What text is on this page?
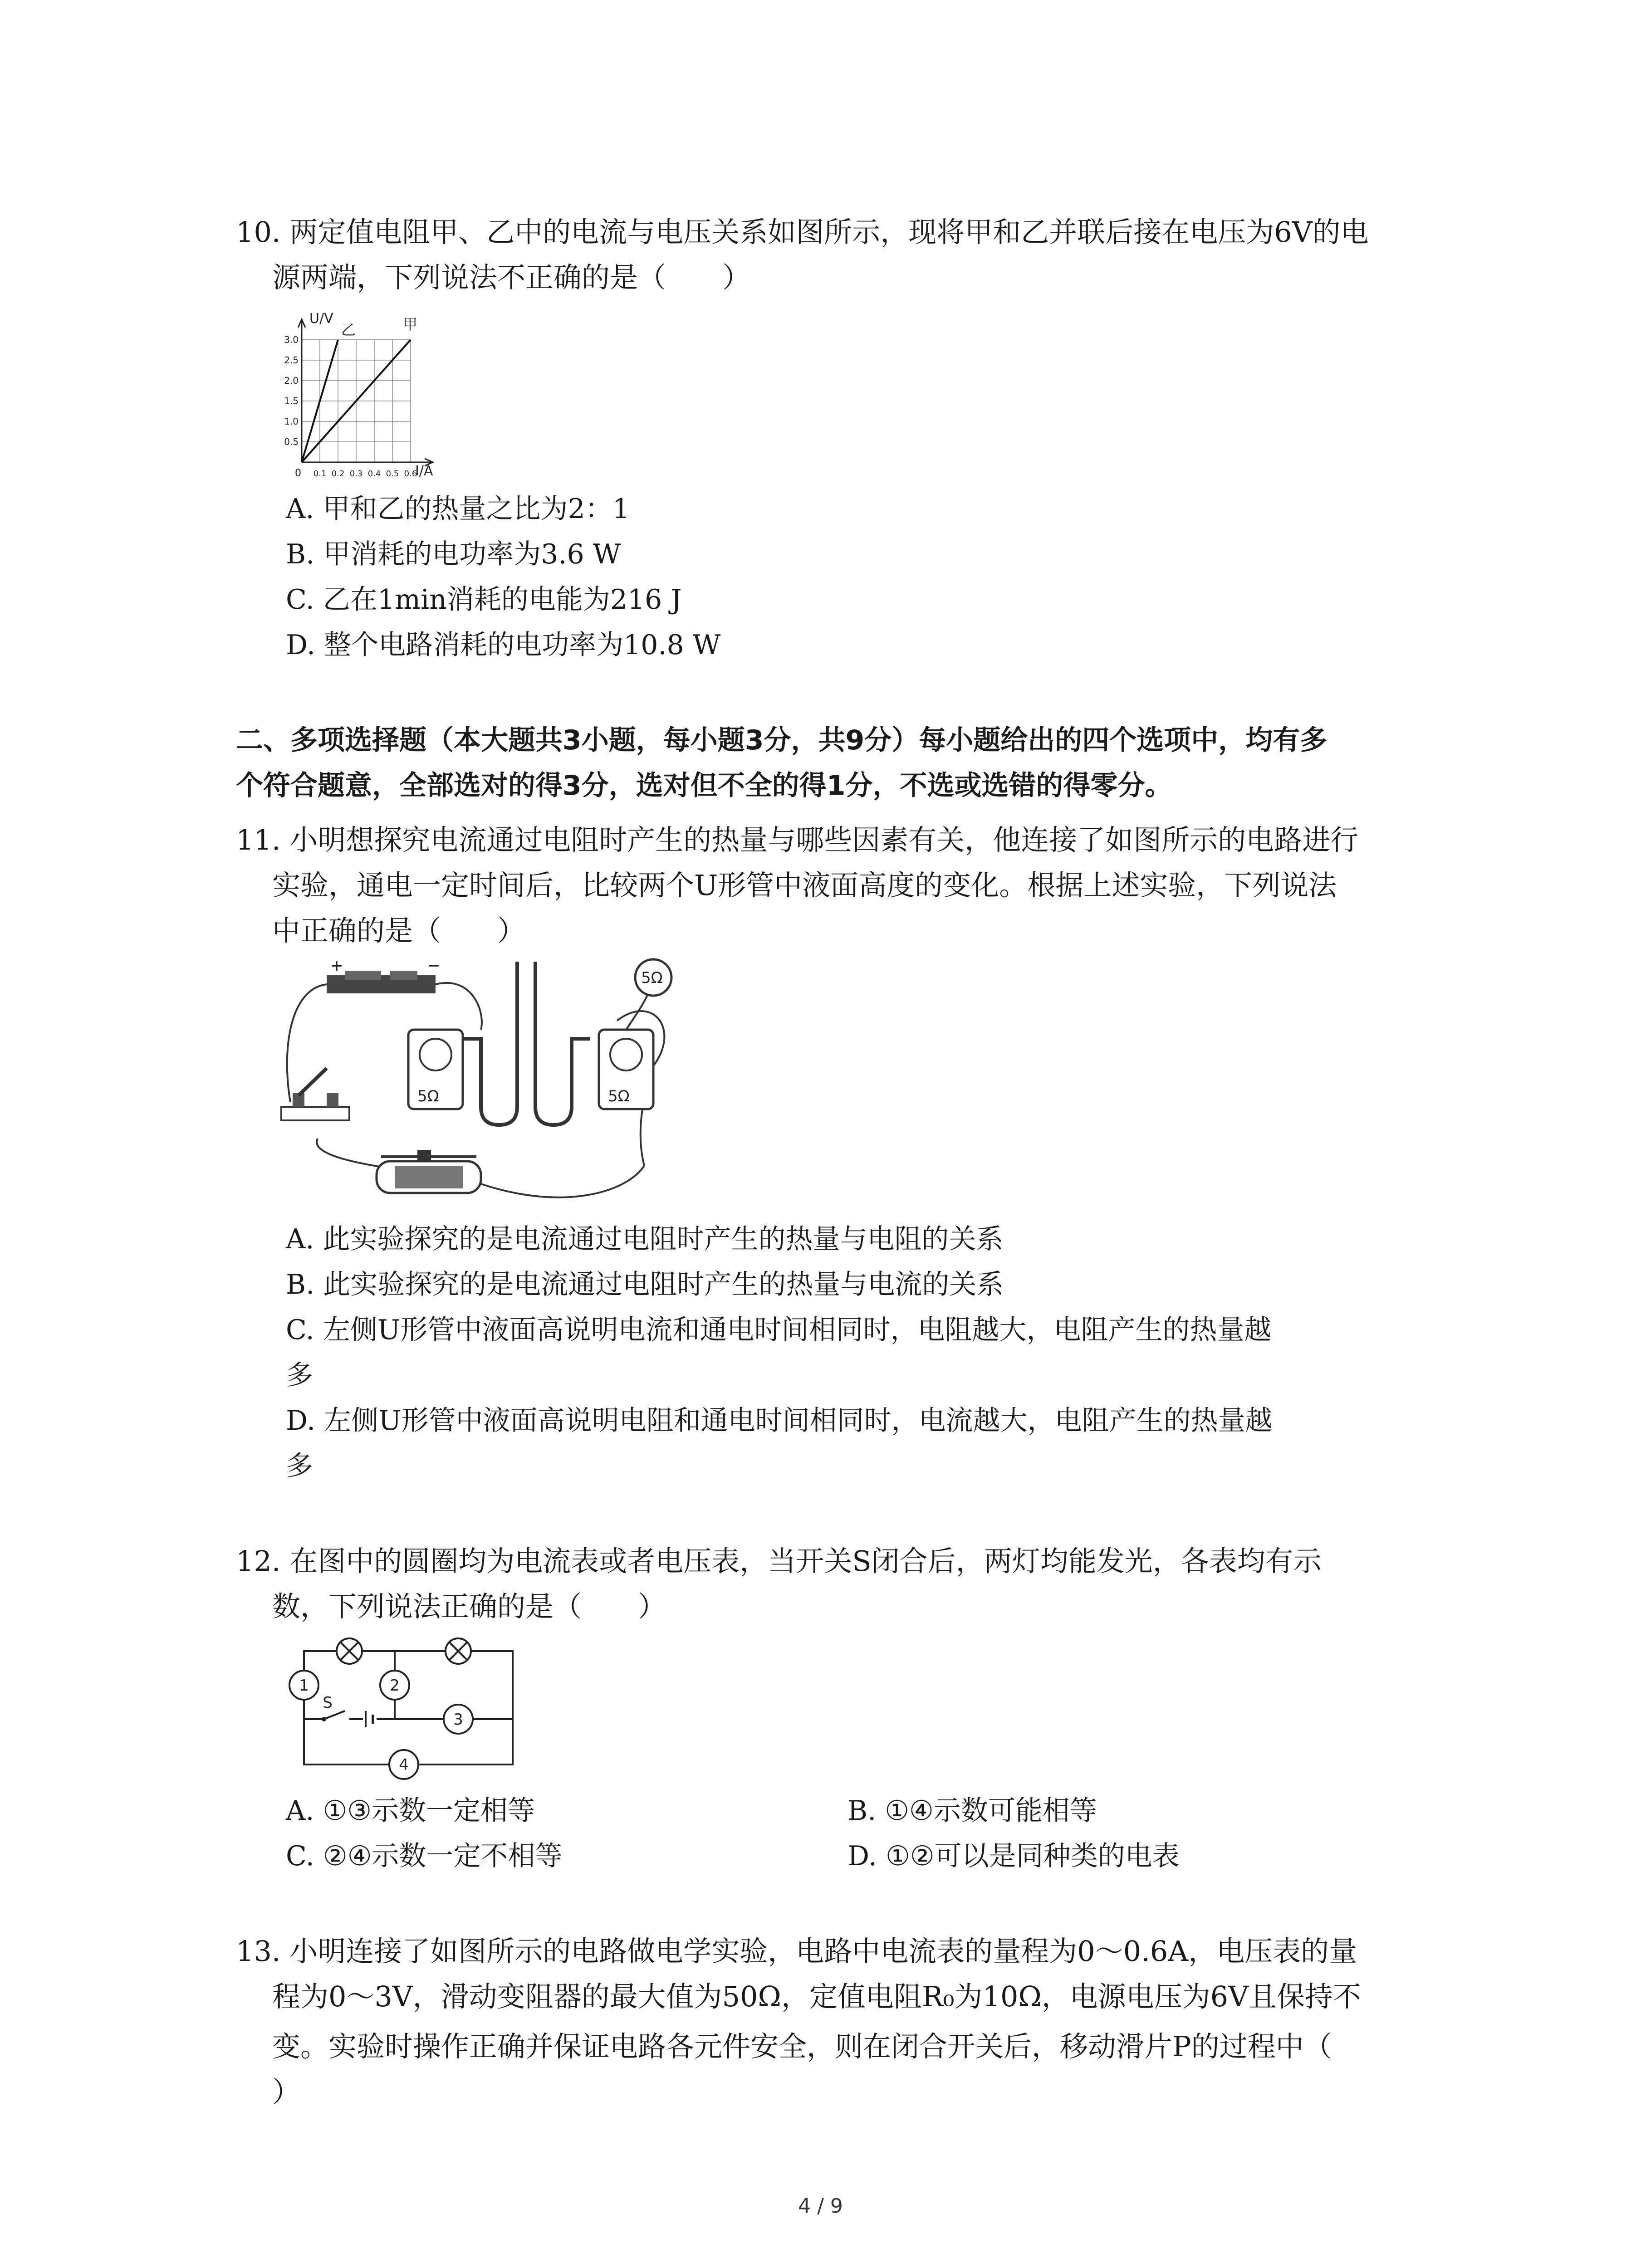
10. 两定值电阻甲、乙中的电流与电压关系如图所示，现将甲和乙并联后接在电压为6V的电
源两端，下列说法不正确的是（　　）
U/V
I/A
0
0.5
1.0
1.5
2.0
2.5
3.0
0.1 0.2 0.3 0.4 0.5 0.6
乙	甲
A. 甲和乙的热量之比为2：1
B. 甲消耗的电功率为3.6 W
C. 乙在1min消耗的电能为216 J
D. 整个电路消耗的电功率为10.8 W
二、多项选择题（本大题共3小题，每小题3分，共9分）每小题给出的四个选项中，均有多
个符合题意，全部选对的得3分，选对但不全的得1分，不选或选错的得零分。
11. 小明想探究电流通过电阻时产生的热量与哪些因素有关，他连接了如图所示的电路进行
实验，通电一定时间后，比较两个U形管中液面高度的变化。根据上述实验，下列说法
中正确的是（　　）
+	−
5Ω	5Ω
5Ω
A. 此实验探究的是电流通过电阻时产生的热量与电阻的关系
B. 此实验探究的是电流通过电阻时产生的热量与电流的关系
C. 左侧U形管中液面高说明电流和通电时间相同时，电阻越大，电阻产生的热量越
多
D. 左侧U形管中液面高说明电阻和通电时间相同时，电流越大，电阻产生的热量越
多
12. 在图中的圆圈均为电流表或者电压表，当开关S闭合后，两灯均能发光，各表均有示
数，下列说法正确的是（　　）
1	2
3
4
S
A. ①③示数一定相等	B. ①④示数可能相等
C. ②④示数一定不相等	D. ①②可以是同种类的电表
13. 小明连接了如图所示的电路做电学实验，电路中电流表的量程为0～0.6A，电压表的量
程为0～3V，滑动变阻器的最大值为50Ω，定值电阻R₀为10Ω，电源电压为6V且保持不
变。实验时操作正确并保证电路各元件安全，则在闭合开关后，移动滑片P的过程中（
）
4 / 9
